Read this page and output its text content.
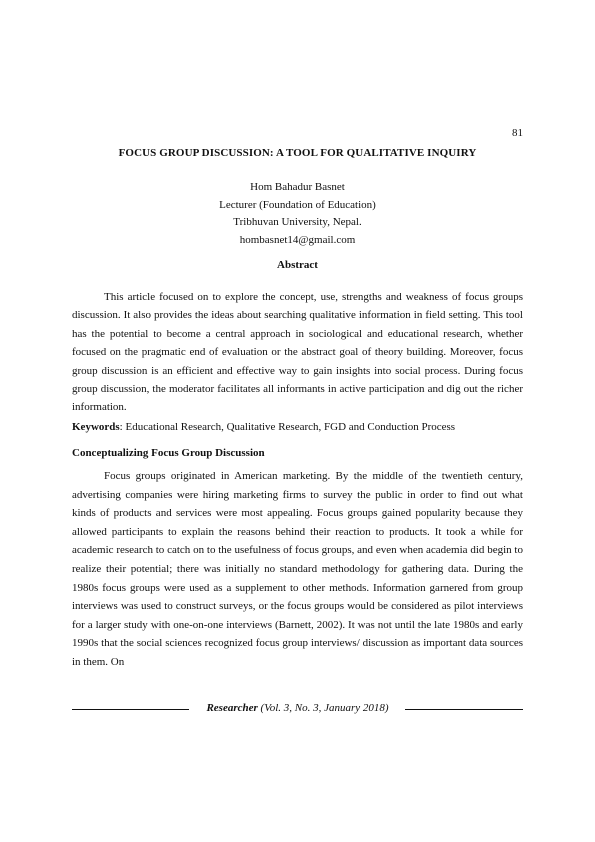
81
FOCUS GROUP DISCUSSION: A TOOL FOR QUALITATIVE INQUIRY
Hom Bahadur Basnet
Lecturer (Foundation of Education)
Tribhuvan University, Nepal.
hombasnet14@gmail.com
Abstract

This article focused on to explore the concept, use, strengths and weakness of focus groups discussion. It also provides the ideas about searching qualitative information in field setting. This tool has the potential to become a central approach in sociological and educational research, whether focused on the pragmatic end of evaluation or the abstract goal of theory building. Moreover, focus group discussion is an efficient and effective way to gain insights into social process. During focus group discussion, the moderator facilitates all informants in active participation and dig out the richer information.

Keywords: Educational Research, Qualitative Research, FGD and Conduction Process
Conceptualizing Focus Group Discussion

Focus groups originated in American marketing. By the middle of the twentieth century, advertising companies were hiring marketing firms to survey the public in order to find out what kinds of products and services were most appealing. Focus groups gained popularity because they allowed participants to explain the reasons behind their reaction to products. It took a while for academic research to catch on to the usefulness of focus groups, and even when academia did begin to realize their potential; there was initially no standard methodology for gathering data. During the 1980s focus groups were used as a supplement to other methods. Information garnered from group interviews was used to construct surveys, or the focus groups would be considered as pilot interviews for a larger study with one-on-one interviews (Barnett, 2002). It was not until the late 1980s and early 1990s that the social sciences recognized focus group interviews/ discussion as important data sources in them. On

Researcher (Vol. 3, No. 3, January 2018)
